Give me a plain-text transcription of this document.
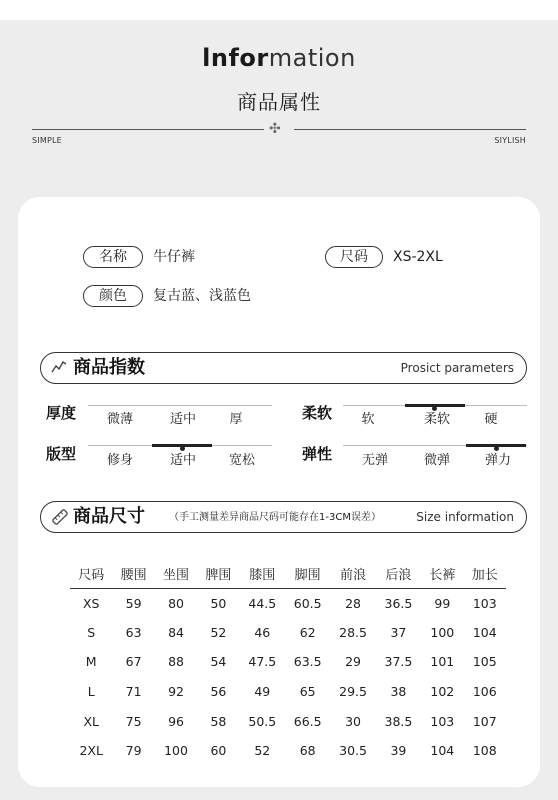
lnformation
商品属性
✣
SIMPLE	SIYLISH
名称	牛仔裤	尺码	XS-2XL
颜色	复古蓝、浅蓝色
商品指数	Prosict parameters
厚度	微薄	适中	厚	柔软	软	柔软	硬
版型	修身	适中	宽松	弹性	无弹	微弹	弹力
商品尺寸 （手工测量差异商品尺码可能存在1-3CM误差）	Size information
尺码	腰围	坐围	脾围	膝围	脚围	前浪	后浪	长裤	加长
XS	59	80	50	44.5	60.5	28	36.5	99	103
S	63	84	52	46	62	28.5	37	100	104
M	67	88	54	47.5	63.5	29	37.5	101	105
L	71	92	56	49	65	29.5	38	102	106
XL	75	96	58	50.5	66.5	30	38.5	103	107
2XL	79	100	60	52	68	30.5	39	104	108
